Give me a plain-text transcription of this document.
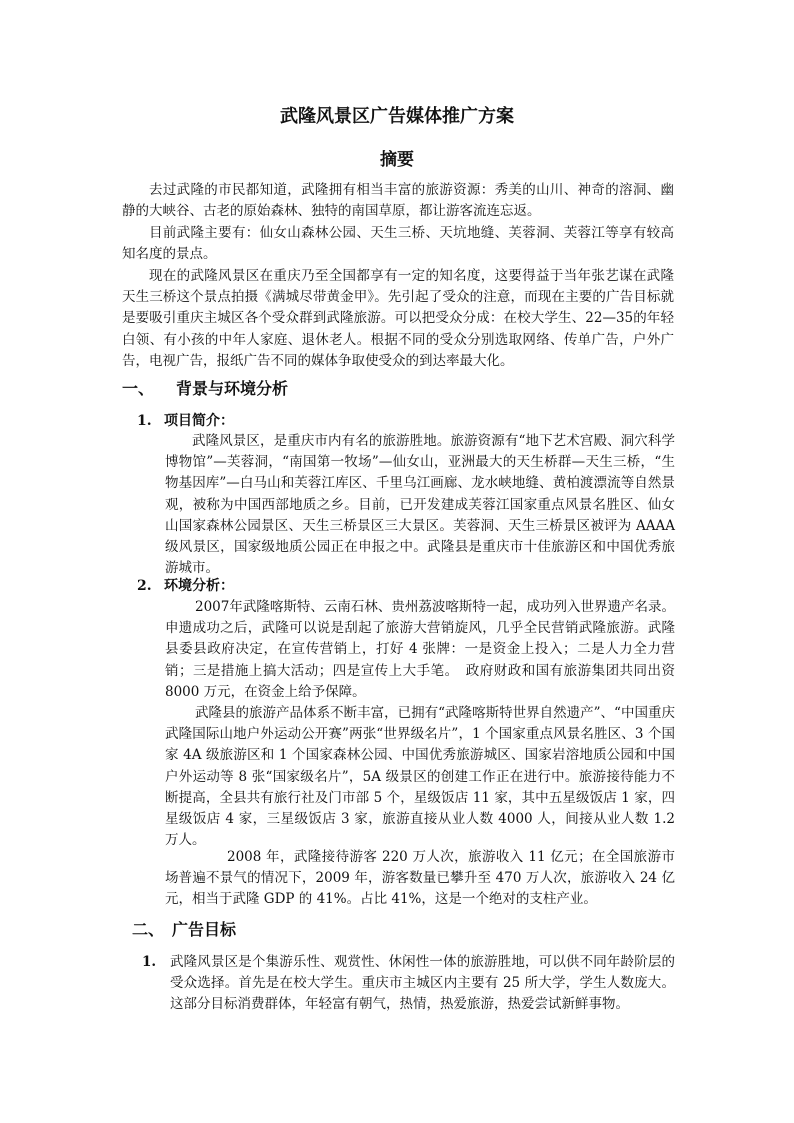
武隆风景区广告媒体推广方案
摘要

去过武隆的市民都知道，武隆拥有相当丰富的旅游资源：秀美的山川、神奇的溶洞、幽静的大峡谷、古老的原始森林、独特的南国草原，都让游客流连忘返。

目前武隆主要有：仙女山森林公园、天生三桥、天坑地缝、芙蓉洞、芙蓉江等享有较高知名度的景点。

现在的武隆风景区在重庆乃至全国都享有一定的知名度，这要得益于当年张艺谋在武隆天生三桥这个景点拍摄《满城尽带黄金甲》。先引起了受众的注意，而现在主要的广告目标就是要吸引重庆主城区各个受众群到武隆旅游。可以把受众分成：在校大学生、22—35的年轻白领、有小孩的中年人家庭、退休老人。根据不同的受众分别选取网络、传单广告，户外广告，电视广告，报纸广告不同的媒体争取使受众的到达率最大化。

一、 背景与环境分析
1. 项目简介：

武隆风景区，是重庆市内有名的旅游胜地。旅游资源有“地下艺术宫殿、洞穴科学博物馆”—芙蓉洞，“南国第一牧场”—仙女山，亚洲最大的天生桥群—天生三桥，“生物基因库”—白马山和芙蓉江库区、千里乌江画廊、龙水峡地缝、黄柏渡漂流等自然景观，被称为中国西部地质之乡。目前，已开发建成芙蓉江国家重点风景名胜区、仙女山国家森林公园景区、天生三桥景区三大景区。芙蓉洞、天生三桥景区被评为 AAAA 级风景区，国家级地质公园正在申报之中。武隆县是重庆市十佳旅游区和中国优秀旅游城市。

2. 环境分析：

2007年武隆喀斯特、云南石林、贵州荔波喀斯特一起，成功列入世界遗产名录。申遗成功之后，武隆可以说是刮起了旅游大营销旋风，几乎全民营销武隆旅游。武隆县委县政府决定，在宣传营销上，打好 4 张牌：一是资金上投入；二是人力全力营销；三是措施上搞大活动；四是宣传上大手笔。　政府财政和国有旅游集团共同出资 8000 万元，在资金上给予保障。

武隆县的旅游产品体系不断丰富，已拥有“武隆喀斯特世界自然遗产”、“中国重庆武隆国际山地户外运动公开赛”两张“世界级名片”，1 个国家重点风景名胜区、3 个国家 4A 级旅游区和 1 个国家森林公园、中国优秀旅游城区、国家岩溶地质公园和中国户外运动等 8 张“国家级名片”，5A 级景区的创建工作正在进行中。旅游接待能力不断提高，全县共有旅行社及门市部 5 个，星级饭店 11 家，其中五星级饭店 1 家，四星级饭店 4 家，三星级饭店 3 家，旅游直接从业人数 4000 人，间接从业人数 1.2 万人。

2008 年，武隆接待游客 220 万人次，旅游收入 11 亿元；在全国旅游市场普遍不景气的情况下，2009 年，游客数量已攀升至 470 万人次，旅游收入 24 亿元，相当于武隆 GDP 的 41%。占比 41%，这是一个绝对的支柱产业。

二、 广告目标
1. 武隆风景区是个集游乐性、观赏性、休闲性一体的旅游胜地，可以供不同年龄阶层的受众选择。首先是在校大学生。重庆市主城区内主要有 25 所大学，学生人数庞大。这部分目标消费群体，年轻富有朝气，热情，热爱旅游，热爱尝试新鲜事物。
